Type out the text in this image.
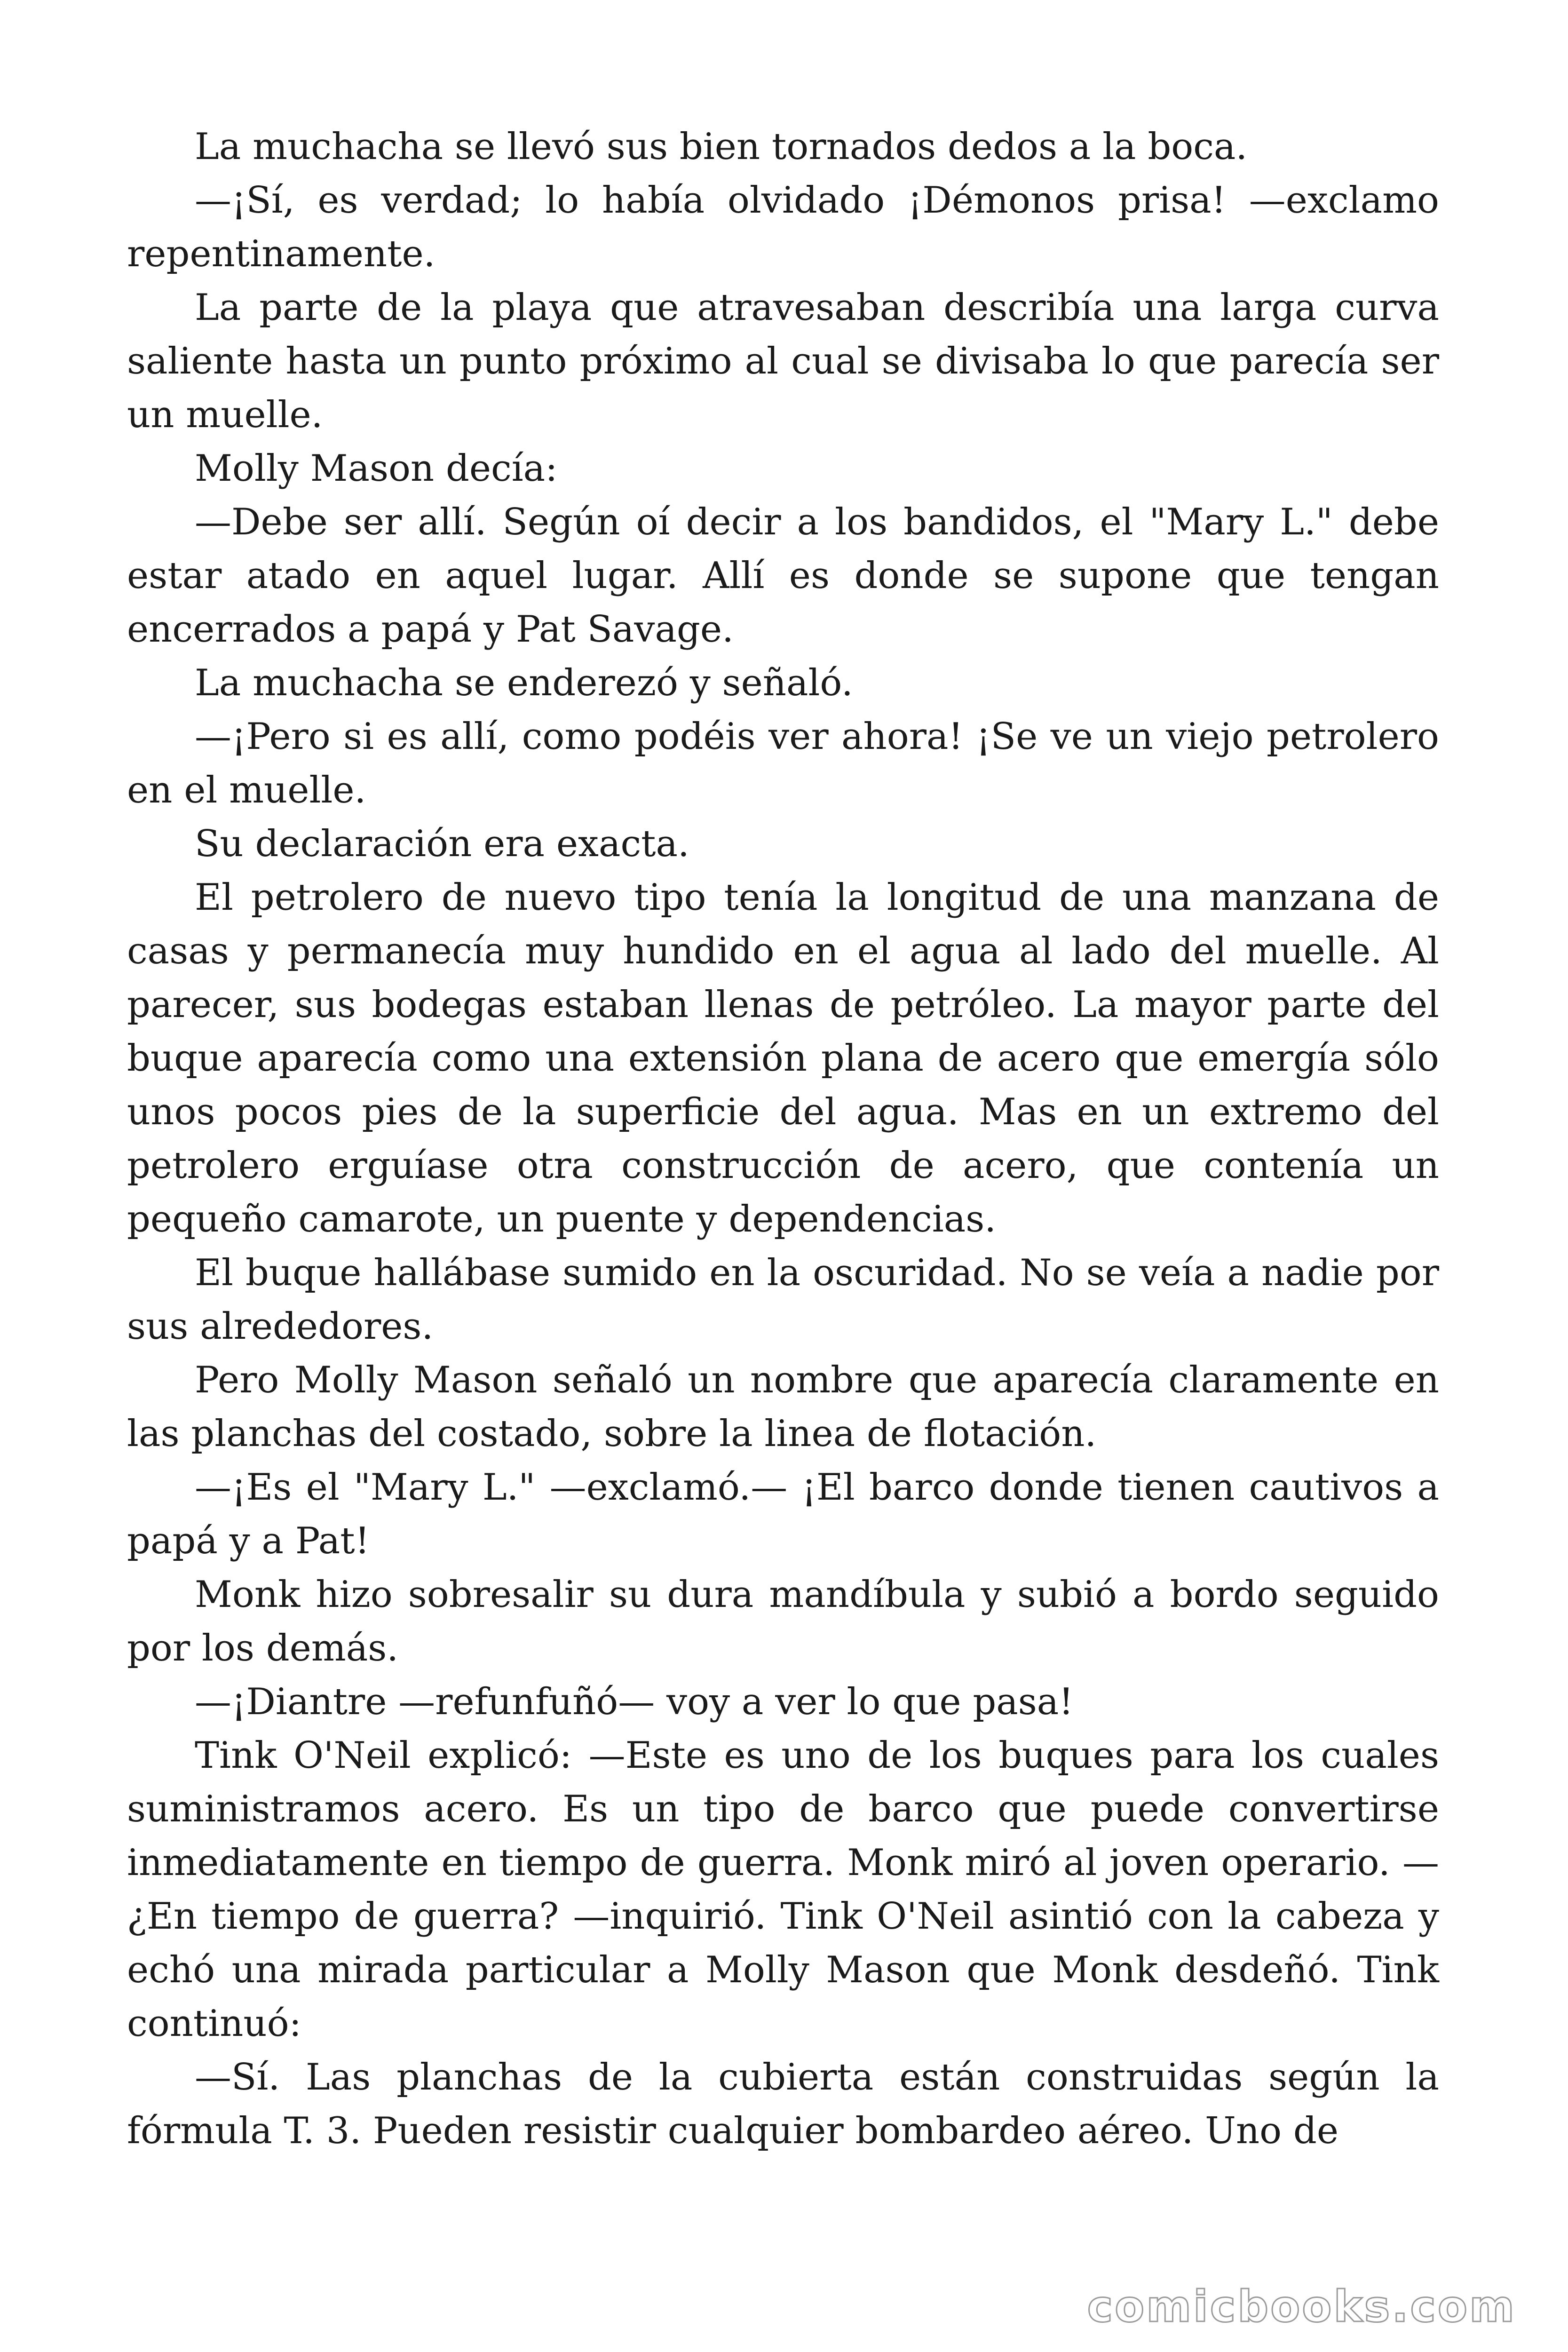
La muchacha se llevó sus bien tornados dedos a la boca.

—¡Sí, es verdad; lo había olvidado ¡Démonos prisa! —exclamo repentinamente.

La parte de la playa que atravesaban describía una larga curva saliente hasta un punto próximo al cual se divisaba lo que parecía ser un muelle.

Molly Mason decía:

—Debe ser allí. Según oí decir a los bandidos, el "Mary L." debe estar atado en aquel lugar. Allí es donde se supone que tengan encerrados a papá y Pat Savage.

La muchacha se enderezó y señaló.

—¡Pero si es allí, como podéis ver ahora! ¡Se ve un viejo petrolero en el muelle.

Su declaración era exacta.

El petrolero de nuevo tipo tenía la longitud de una manzana de casas y permanecía muy hundido en el agua al lado del muelle. Al parecer, sus bodegas estaban llenas de petróleo. La mayor parte del buque aparecía como una extensión plana de acero que emergía sólo unos pocos pies de la superficie del agua. Mas en un extremo del petrolero erguíase otra construcción de acero, que contenía un pequeño camarote, un puente y dependencias.

El buque hallábase sumido en la oscuridad. No se veía a nadie por sus alrededores.

Pero Molly Mason señaló un nombre que aparecía claramente en las planchas del costado, sobre la linea de flotación.

—¡Es el "Mary L." —exclamó.— ¡El barco donde tienen cautivos a papá y a Pat!

Monk hizo sobresalir su dura mandíbula y subió a bordo seguido por los demás.

—¡Diantre —refunfuñó— voy a ver lo que pasa!

Tink O'Neil explicó: —Este es uno de los buques para los cuales suministramos acero. Es un tipo de barco que puede convertirse inmediatamente en tiempo de guerra. Monk miró al joven operario. — ¿En tiempo de guerra? —inquirió. Tink O'Neil asintió con la cabeza y echó una mirada particular a Molly Mason que Monk desdeñó. Tink continuó:

—Sí. Las planchas de la cubierta están construidas según la fórmula T. 3. Pueden resistir cualquier bombardeo aéreo. Uno de

comicbooks.com
